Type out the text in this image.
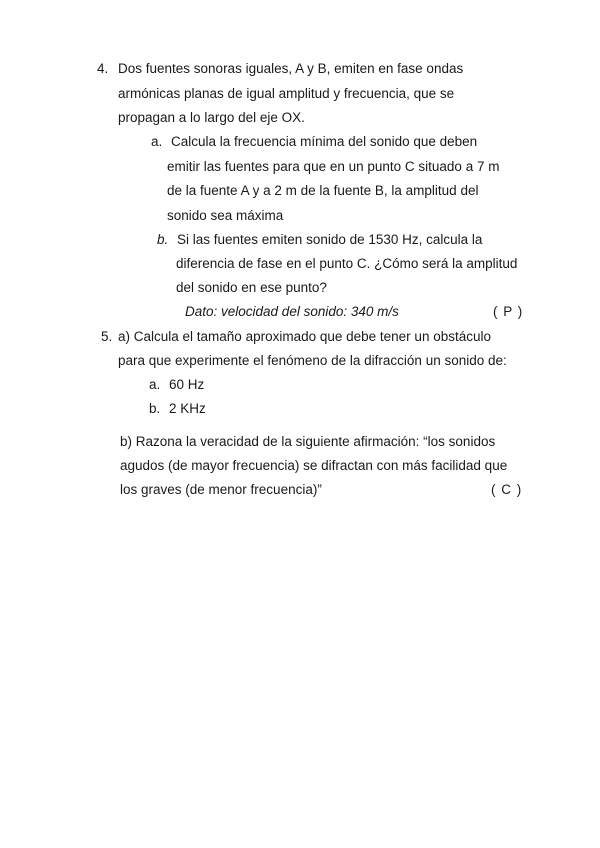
4. Dos fuentes sonoras iguales, A y B, emiten en fase ondas
armónicas planas de igual amplitud y frecuencia, que se
propagan a lo largo del eje OX.
a. Calcula la frecuencia mínima del sonido que deben
emitir las fuentes para que en un punto C situado a 7 m
de la fuente A y a 2 m de la fuente B, la amplitud del
sonido sea máxima
b. Si las fuentes emiten sonido de 1530 Hz, calcula la
diferencia de fase en el punto C. ¿Cómo será la amplitud
del sonido en ese punto?
Dato: velocidad del sonido: 340 m/s	( P )
5. a) Calcula el tamaño aproximado que debe tener un obstáculo
para que experimente el fenómeno de la difracción un sonido de:
a. 60 Hz
b. 2 KHz
b) Razona la veracidad de la siguiente afirmación: “los sonidos
agudos (de mayor frecuencia) se difractan con más facilidad que
los graves (de menor frecuencia)”	( C )
